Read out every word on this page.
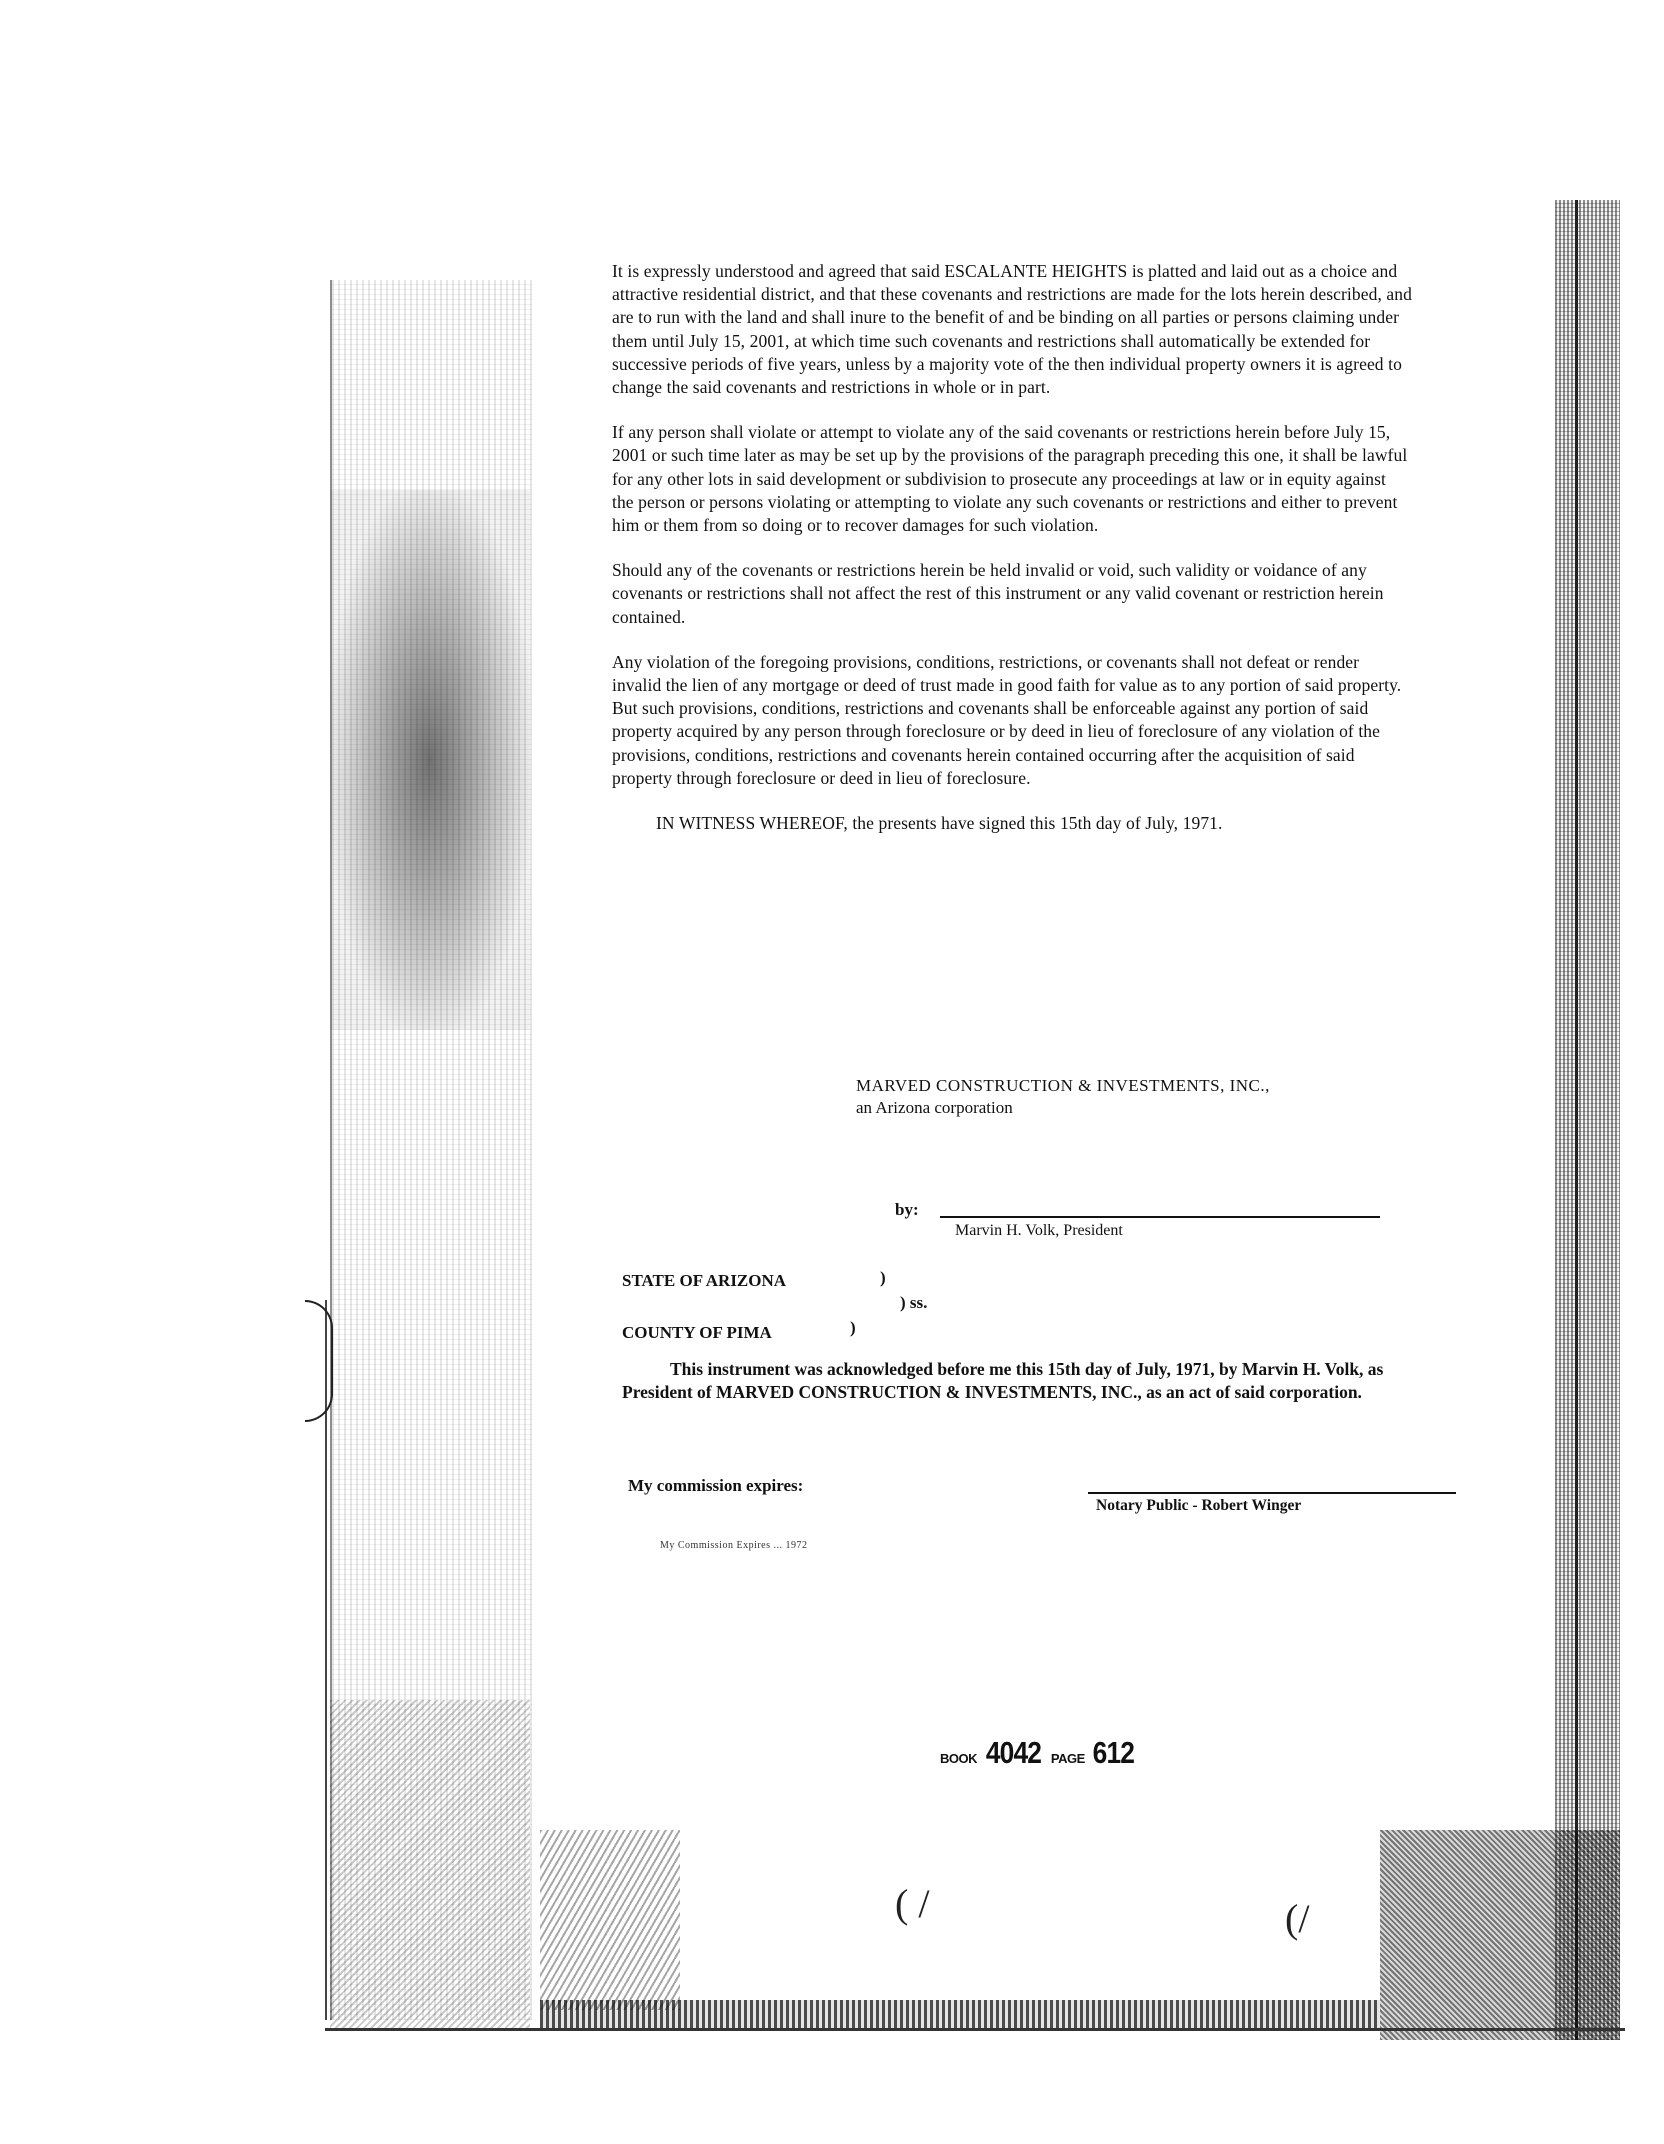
It is expressly understood and agreed that said ESCALANTE HEIGHTS is platted and laid out as a choice and attractive residential district, and that these covenants and restrictions are made for the lots herein described, and are to run with the land and shall inure to the benefit of and be binding on all parties or persons claiming under them until July 15, 2001, at which time such covenants and restrictions shall automatically be extended for successive periods of five years, unless by a majority vote of the then individual property owners it is agreed to change the said covenants and restrictions in whole or in part.

If any person shall violate or attempt to violate any of the said covenants or restrictions herein before July 15, 2001 or such time later as may be set up by the provisions of the paragraph preceding this one, it shall be lawful for any other lots in said development or subdivision to prosecute any proceedings at law or in equity against the person or persons violating or attempting to violate any such covenants or restrictions and either to prevent him or them from so doing or to recover damages for such violation.

Should any of the covenants or restrictions herein be held invalid or void, such validity or voidance of any covenants or restrictions shall not affect the rest of this instrument or any valid covenant or restriction herein contained.

Any violation of the foregoing provisions, conditions, restrictions, or covenants shall not defeat or render invalid the lien of any mortgage or deed of trust made in good faith for value as to any portion of said property. But such provisions, conditions, restrictions and covenants shall be enforceable against any portion of said property acquired by any person through foreclosure or by deed in lieu of foreclosure of any violation of the provisions, conditions, restrictions and covenants herein contained occurring after the acquisition of said property through foreclosure or deed in lieu of foreclosure.

IN WITNESS WHEREOF, the presents have signed this 15th day of July, 1971.

MARVED CONSTRUCTION & INVESTMENTS, INC.,
an Arizona corporation
by:
Marvin H. Volk, President
STATE OF ARIZONA

COUNTY OF PIMA
)
) ss.
)
This instrument was acknowledged before me this 15th day of July, 1971, by Marvin H. Volk, as President of MARVED CONSTRUCTION & INVESTMENTS, INC., as an act of said corporation.
My commission expires:
Notary Public - Robert Winger
My Commission Expires ... 1972
BOOK 4042 PAGE 612
( /	(/
